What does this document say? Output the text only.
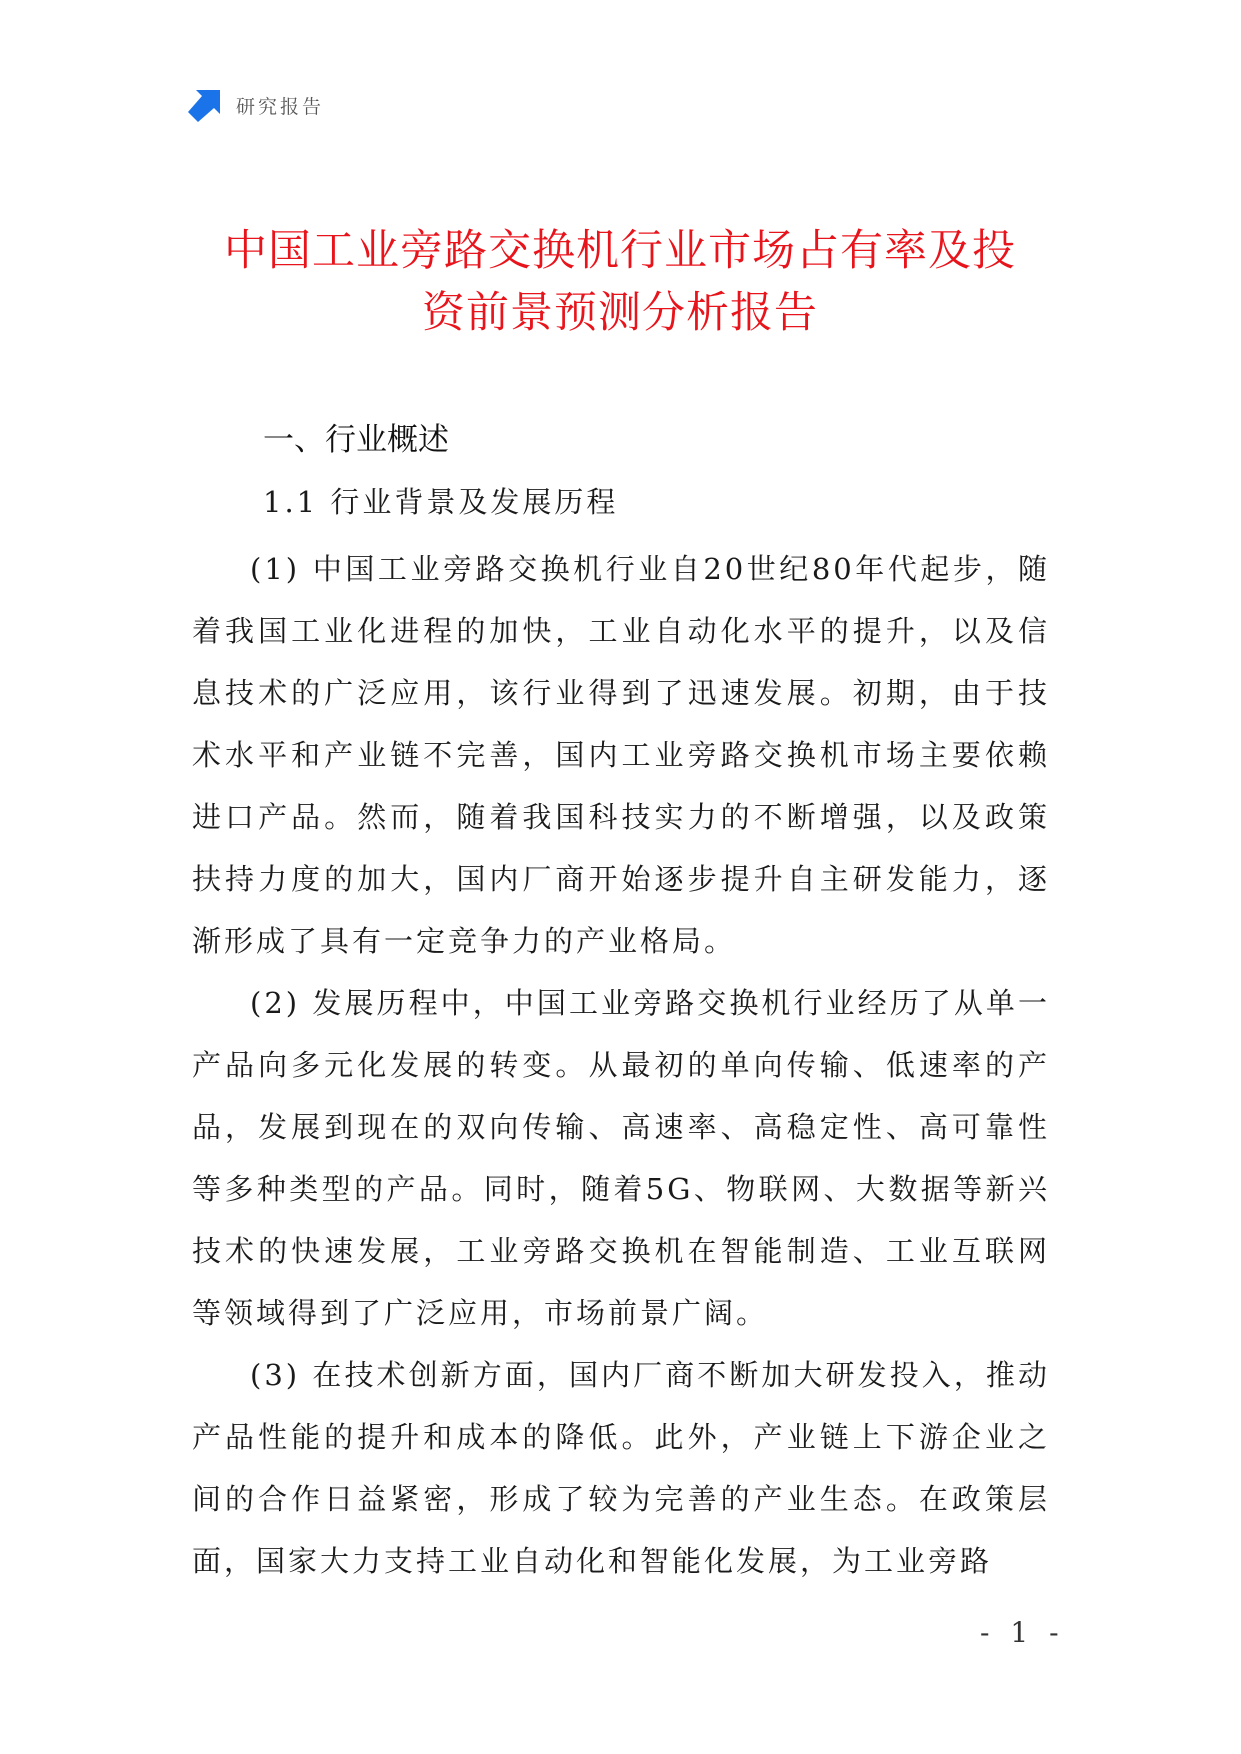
研究报告
中国工业旁路交换机行业市场占有率及投
资前景预测分析报告
一、行业概述
1.1 行业背景及发展历程

(1) 中国工业旁路交换机行业自20世纪80年代起步，随着我国工业化进程的加快，工业自动化水平的提升，以及信息技术的广泛应用，该行业得到了迅速发展。初期，由于技术水平和产业链不完善，国内工业旁路交换机市场主要依赖进口产品。然而，随着我国科技实力的不断增强，以及政策扶持力度的加大，国内厂商开始逐步提升自主研发能力，逐渐形成了具有一定竞争力的产业格局。

(2) 发展历程中，中国工业旁路交换机行业经历了从单一产品向多元化发展的转变。从最初的单向传输、低速率的产品，发展到现在的双向传输、高速率、高稳定性、高可靠性等多种类型的产品。同时，随着5G、物联网、大数据等新兴技术的快速发展，工业旁路交换机在智能制造、工业互联网等领域得到了广泛应用，市场前景广阔。

(3) 在技术创新方面，国内厂商不断加大研发投入，推动产品性能的提升和成本的降低。此外，产业链上下游企业之间的合作日益紧密，形成了较为完善的产业生态。在政策层面，国家大力支持工业自动化和智能化发展，为工业旁路

- 1 -
